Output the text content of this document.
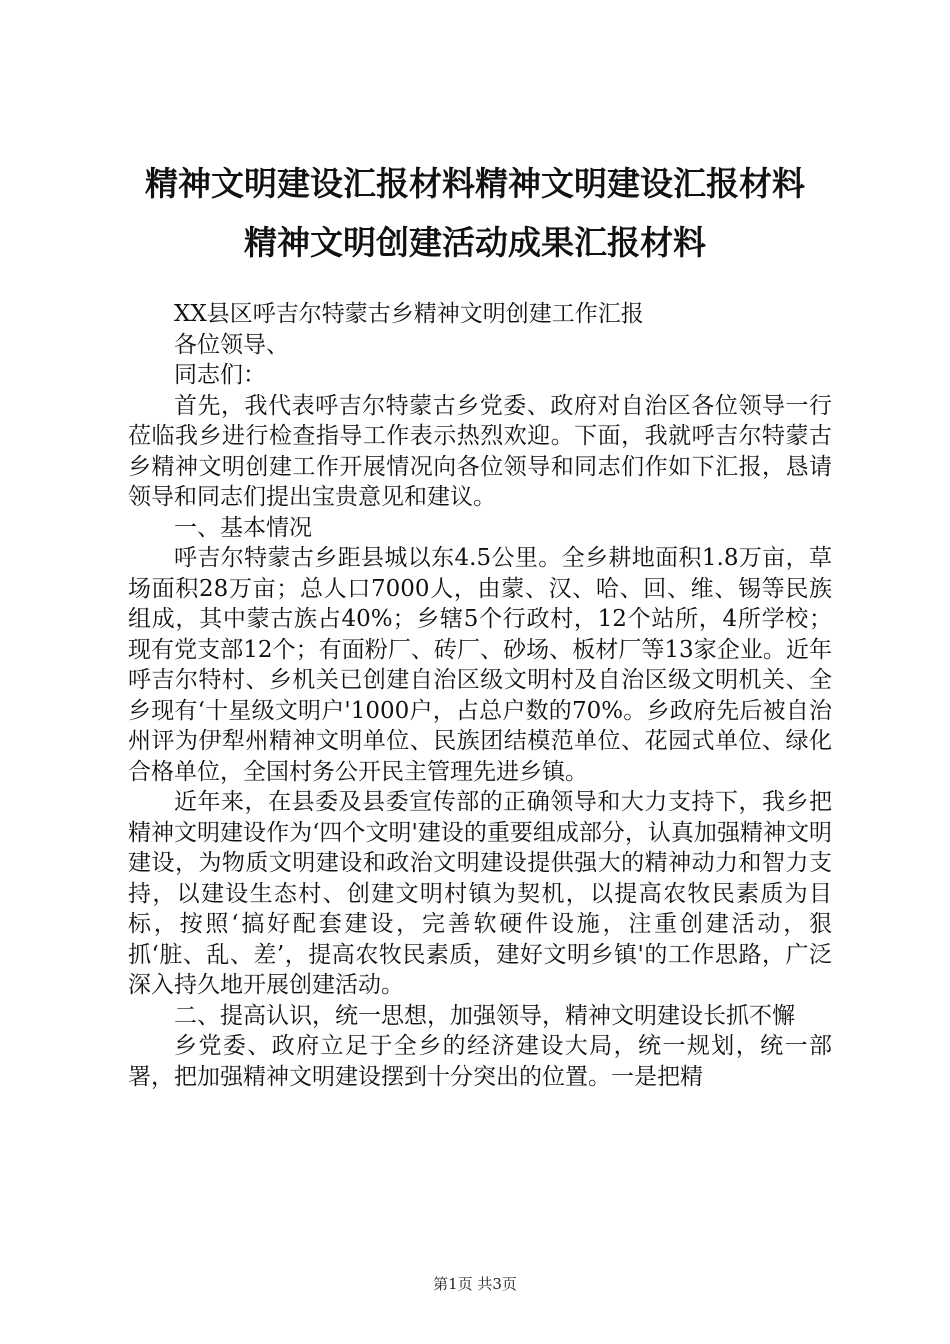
精神文明建设汇报材料精神文明建设汇报材料
精神文明创建活动成果汇报材料

XX县区呼吉尔特蒙古乡精神文明创建工作汇报

各位领导、

同志们：

首先，我代表呼吉尔特蒙古乡党委、政府对自治区各位领导一行莅临我乡进行检查指导工作表示热烈欢迎。下面，我就呼吉尔特蒙古乡精神文明创建工作开展情况向各位领导和同志们作如下汇报，恳请领导和同志们提出宝贵意见和建议。

一、基本情况

呼吉尔特蒙古乡距县城以东4.5公里。全乡耕地面积1.8万亩，草场面积28万亩；总人口7000人，由蒙、汉、哈、回、维、锡等民族组成，其中蒙古族占40%；乡辖5个行政村，12个站所，4所学校；现有党支部12个；有面粉厂、砖厂、砂场、板材厂等13家企业。近年呼吉尔特村、乡机关已创建自治区级文明村及自治区级文明机关、全乡现有‘十星级文明户'1000户，占总户数的70%。乡政府先后被自治州评为伊犁州精神文明单位、民族团结模范单位、花园式单位、绿化合格单位，全国村务公开民主管理先进乡镇。

近年来，在县委及县委宣传部的正确领导和大力支持下，我乡把精神文明建设作为‘四个文明'建设的重要组成部分，认真加强精神文明建设，为物质文明建设和政治文明建设提供强大的精神动力和智力支持，以建设生态村、创建文明村镇为契机，以提高农牧民素质为目标，按照‘搞好配套建设，完善软硬件设施，注重创建活动，狠抓‘脏、乱、差’，提高农牧民素质，建好文明乡镇'的工作思路，广泛深入持久地开展创建活动。

二、提高认识，统一思想，加强领导，精神文明建设长抓不懈

乡党委、政府立足于全乡的经济建设大局，统一规划，统一部署，把加强精神文明建设摆到十分突出的位置。一是把精

第1页 共3页
